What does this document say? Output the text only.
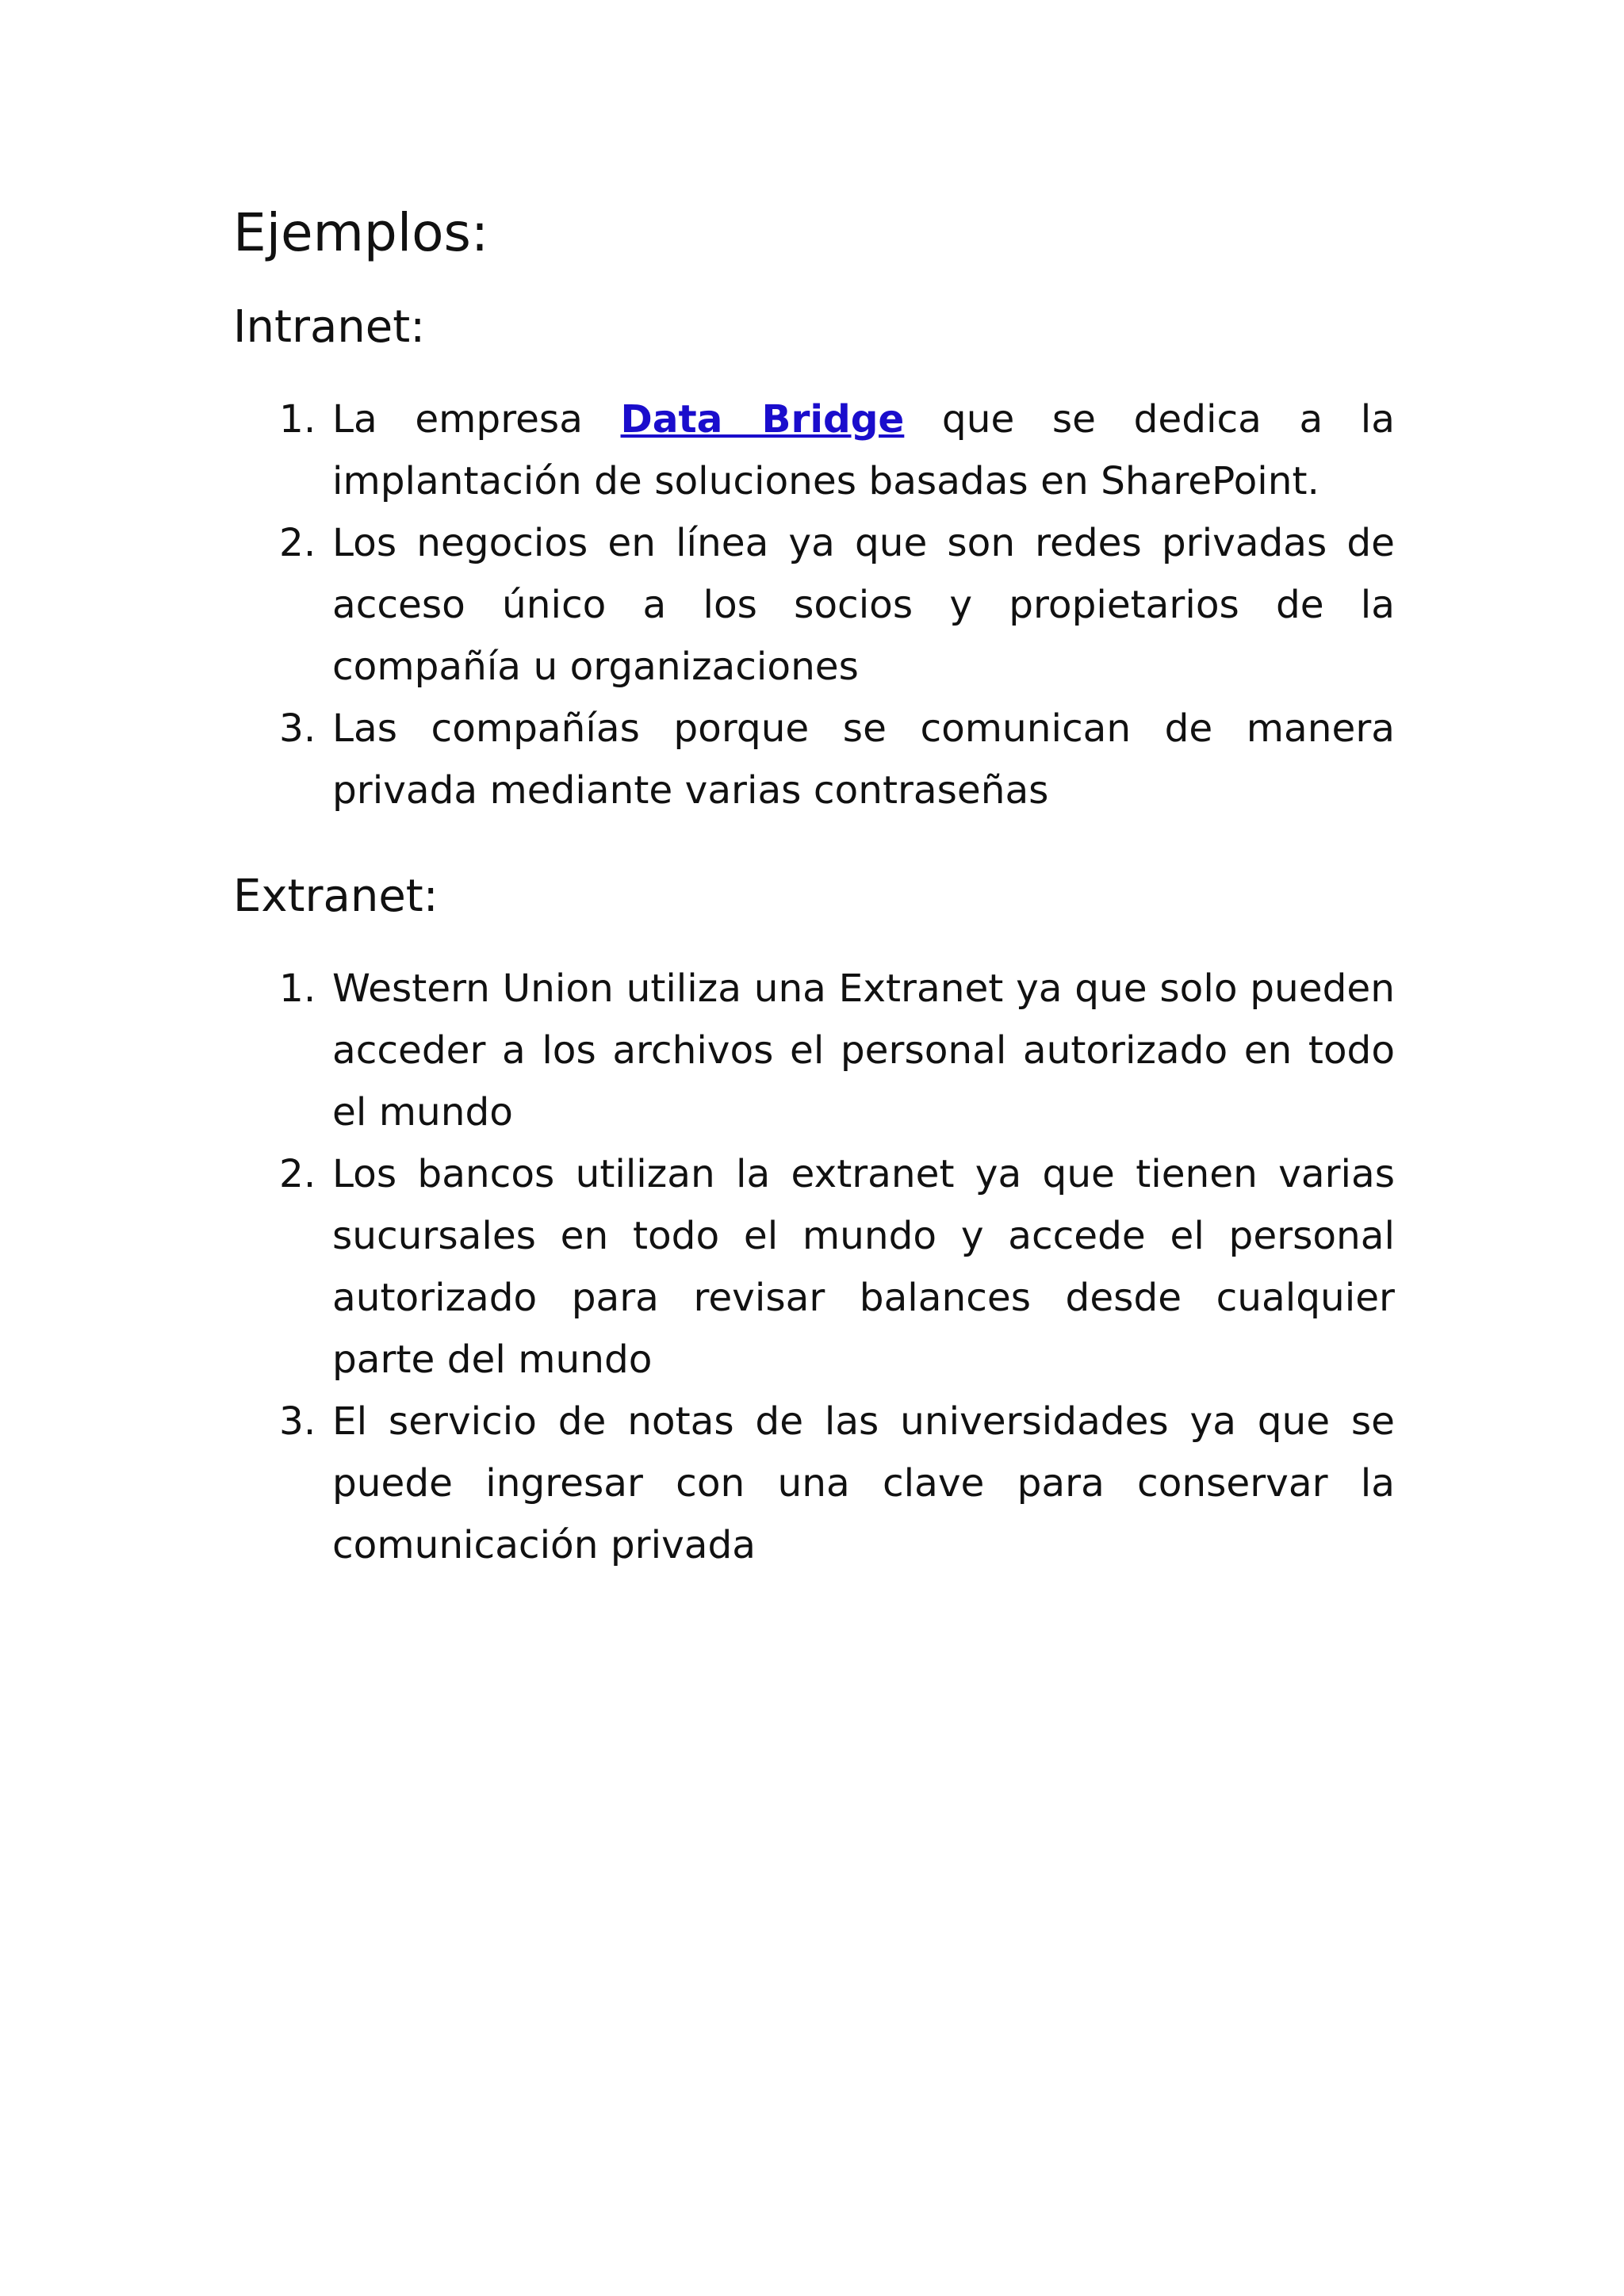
Ejemplos:
Intranet:
1. La empresa Data Bridge que se dedica a la implantación de soluciones basadas en SharePoint.
2. Los negocios en línea ya que son redes privadas de acceso único a los socios y propietarios de la compañía u organizaciones
3. Las compañías porque se comunican de manera privada mediante varias contraseñas
Extranet:
1. Western Union utiliza una Extranet ya que solo pueden acceder a los archivos el personal autorizado en todo el mundo
2. Los bancos utilizan la extranet ya que tienen varias sucursales en todo el mundo y accede el personal autorizado para revisar balances desde cualquier parte del mundo
3. El servicio de notas de las universidades ya que se puede ingresar con una clave para conservar la comunicación privada
